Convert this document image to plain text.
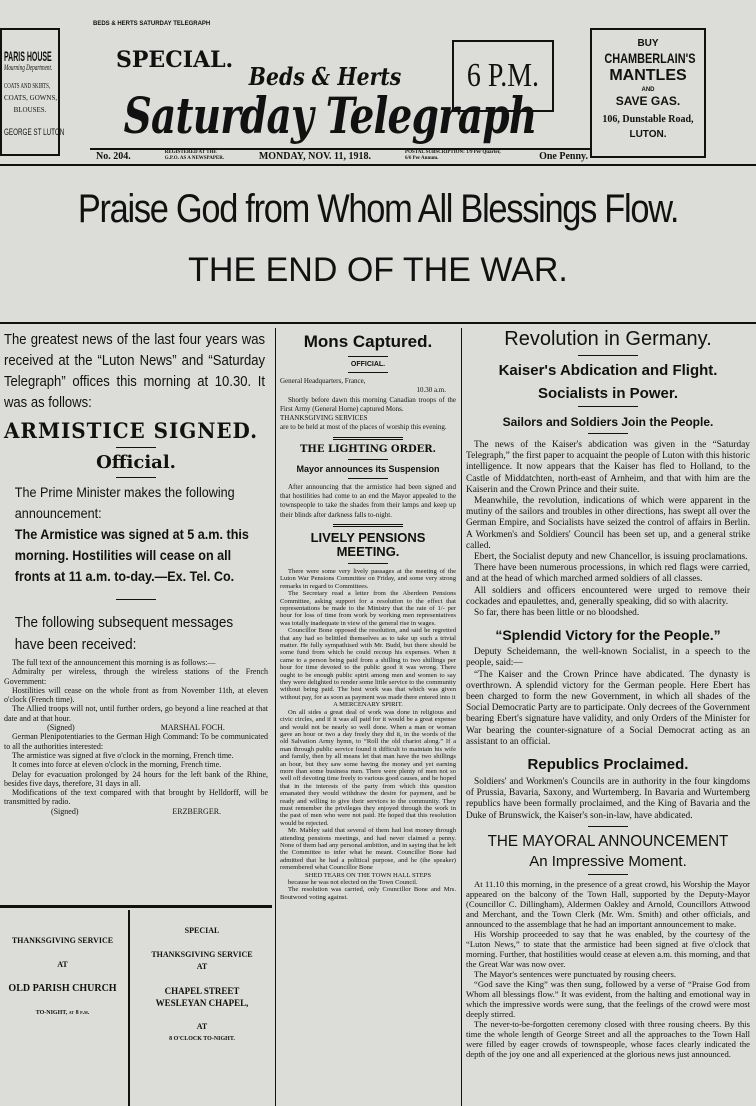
PARIS HOUSE
Mourning Department.
COATS AND SKIRTS,
COATS, GOWNS,
BLOUSES.
GEORGE ST LUTON
BEDS & HERTS SATURDAY TELEGRAPH
SPECIAL.	6 P.M.
Beds & Herts
Saturday Telegraph
No. 204.	REGISTERED AT THE G.P.O. AS A NEWSPAPER.	MONDAY, NOV. 11, 1918.	POSTAL SUBSCRIPTION: 1/9 Per Quarter, 6/6 Per Annum.	One Penny.
BUY
CHAMBERLAIN'S
MANTLES
AND
SAVE GAS.
106, Dunstable Road,
LUTON.
Praise God from Whom All Blessings Flow.
THE END OF THE WAR.
The greatest news of the last four years was received at the “Luton News” and “Saturday Telegraph” offices this morning at 10.30. It was as follows:
ARMISTICE SIGNED.
Official.
The Prime Minister makes the following announcement:
The Armistice was signed at 5 a.m. this morning. Hostilities will cease on all fronts at 11 a.m. to-day.—Ex. Tel. Co.
The following subsequent messages have been received:

The full text of the announcement this morning is as follows:—

Admiralty per wireless, through the wireless stations of the French Government:

Hostilities will cease on the whole front as from November 11th, at eleven o'clock (French time).

The Allied troops will not, until further orders, go beyond a line reached at that date and at that hour.

(Signed)	MARSHAL FOCH.

German Plenipotentiaries to the German High Command: To be communicated to all the authorities interested:

The armistice was signed at five o'clock in the morning, French time.

It comes into force at eleven o'clock in the morning, French time.

Delay for evacuation prolonged by 24 hours for the left bank of the Rhine, besides five days, therefore, 31 days in all.

Modifications of the text compared with that brought by Helldorff, will be transmitted by radio.

(Signed)	ERZBERGER.
THANKSGIVING SERVICE

AT

OLD PARISH CHURCH

TO-NIGHT, at 8 p.m.
SPECIAL

THANKSGIVING SERVICE
AT

CHAPEL STREET
WESLEYAN CHAPEL,

AT
8 O'CLOCK TO-NIGHT.
Mons Captured.
OFFICIAL.
General Headquarters, France,
10.30 a.m.

Shortly before dawn this morning Canadian troops of the First Army (General Horne) captured Mons.

THANKSGIVING SERVICES
are to be held at most of the places of worship this evening.
THE LIGHTING ORDER.
Mayor announces its Suspension

After announcing that the armistice had been signed and that hostilities had come to an end the Mayor appealed to the townspeople to take the shades from their lamps and keep up their blinds after darkness falls to-night.

LIVELY PENSIONS MEETING.

There were some very lively passages at the meeting of the Luton War Pensions Committee on Friday, and some very strong remarks in regard to Committees.

The Secretary read a letter from the Aberdeen Pensions Committee, asking support for a resolution to the effect that representations be made to the Ministry that the rate of 1/- per hour for loss of time from work by working men representatives was totally inadequate in view of the general rise in wages.

Councillor Bone opposed the resolution, and said he regretted that any had so belittled themselves as to take up such a trivial matter. He fully sympathised with Mr. Budd, but there should be some fund from which he could recoup his expenses. When it came to a person being paid from a shilling to two shillings per hour for time devoted to the public good it was wrong. There ought to be enough public spirit among men and women to say they were delighted to render some little service to the community without being paid. The best work was that which was given without pay, for as soon as payment was made there entered into it

A MERCENARY SPIRIT.

On all sides a great deal of work was done in religious and civic circles, and if it was all paid for it would be a great expense and would not be nearly so well done. When a man or woman gave an hour or two a day freely they did it, in the words of the old Salvation Army hymn, to “Roll the old chariot along.” If a man through public service found it difficult to maintain his wife and family, then by all means let that man have the two shillings an hour, but they saw some having the money and yet earning more than some business men. There were plenty of men not so well off devoting time freely to various good causes, and he hoped that in the interests of the party from which this question emanated they would withdraw the desire for payment, and be ready and willing to give their services to the community. They must remember the privileges they enjoyed through the work in the past of men who were not paid. He hoped that this resolution would be rejected.

Mr. Mabley said that several of them had lost money through attending pensions meetings, and had never claimed a penny. None of them had any personal ambition, and in saying that he left the Committee to infer what he meant. Councillor Bone had admitted that he had a political purpose, and he (the speaker) remembered what Councillor Bone

SHED TEARS ON THE TOWN HALL STEPS

because he was not elected on the Town Council.

The resolution was carried, only Councillor Bone and Mrs. Boutwood voting against.

Revolution in Germany.
Kaiser's Abdication and Flight.
Socialists in Power.
Sailors and Soldiers Join the People.

The news of the Kaiser's abdication was given in the “Saturday Telegraph,” the first paper to acquaint the people of Luton with this historic intelligence. It now appears that the Kaiser has fled to Holland, to the Castle of Middatchten, north-east of Arnheim, and that with him are the Kaiserin and the Crown Prince and their suite.

Meanwhile, the revolution, indications of which were apparent in the mutiny of the sailors and troubles in other directions, has swept all over the German Empire, and Socialists have seized the control of affairs in Berlin. A Workmen's and Soldiers' Council has been set up, and a general strike called.

Ebert, the Socialist deputy and new Chancellor, is issuing proclamations.

There have been numerous processions, in which red flags were carried, and at the head of which marched armed soldiers of all classes.

All soldiers and officers encountered were urged to remove their cockades and epaulettes, and, generally speaking, did so with alacrity.

So far, there has been little or no bloodshed.

“Splendid Victory for the People.”

Deputy Scheidemann, the well-known Socialist, in a speech to the people, said:—

“The Kaiser and the Crown Prince have abdicated. The dynasty is overthrown. A splendid victory for the German people. Here Ebert has been charged to form the new Government, in which all shades of the Social Democratic Party are to participate. Only decrees of the Government bearing Ebert's signature have validity, and only Orders of the Minister for War bearing the counter-signature of a Social Democrat acting as an assistant to an official.

Republics Proclaimed.

Soldiers' and Workmen's Councils are in authority in the four kingdoms of Prussia, Bavaria, Saxony, and Wurtemberg. In Bavaria and Wurtemberg republics have been formally proclaimed, and the King of Bavaria and the Duke of Brunswick, the Kaiser's son-in-law, have abdicated.

THE MAYORAL ANNOUNCEMENT
An Impressive Moment.

At 11.10 this morning, in the presence of a great crowd, his Worship the Mayor appeared on the balcony of the Town Hall, supported by the Deputy-Mayor (Councillor C. Dillingham), Aldermen Oakley and Arnold, Councillors Attwood and Merchant, and the Town Clerk (Mr. Wm. Smith) and other officials, and announced to the assemblage that he had an important announcement to make.

His Worship proceeded to say that he was enabled, by the courtesy of the “Luton News,” to state that the armistice had been signed at five o'clock that morning. Further, that hostilities would cease at eleven a.m. this morning, and that the Great War was now over.

The Mayor's sentences were punctuated by rousing cheers.

“God save the King” was then sung, followed by a verse of “Praise God from Whom all blessings flow.” It was evident, from the halting and emotional way in which the impressive words were sung, that the feelings of the crowd were most deeply stirred.

The never-to-be-forgotten ceremony closed with three rousing cheers. By this time the whole length of George Street and all the approaches to the Town Hall were filled by eager crowds of townspeople, whose faces clearly indicated the depth of the joy one and all experienced at the glorious news just announced.
